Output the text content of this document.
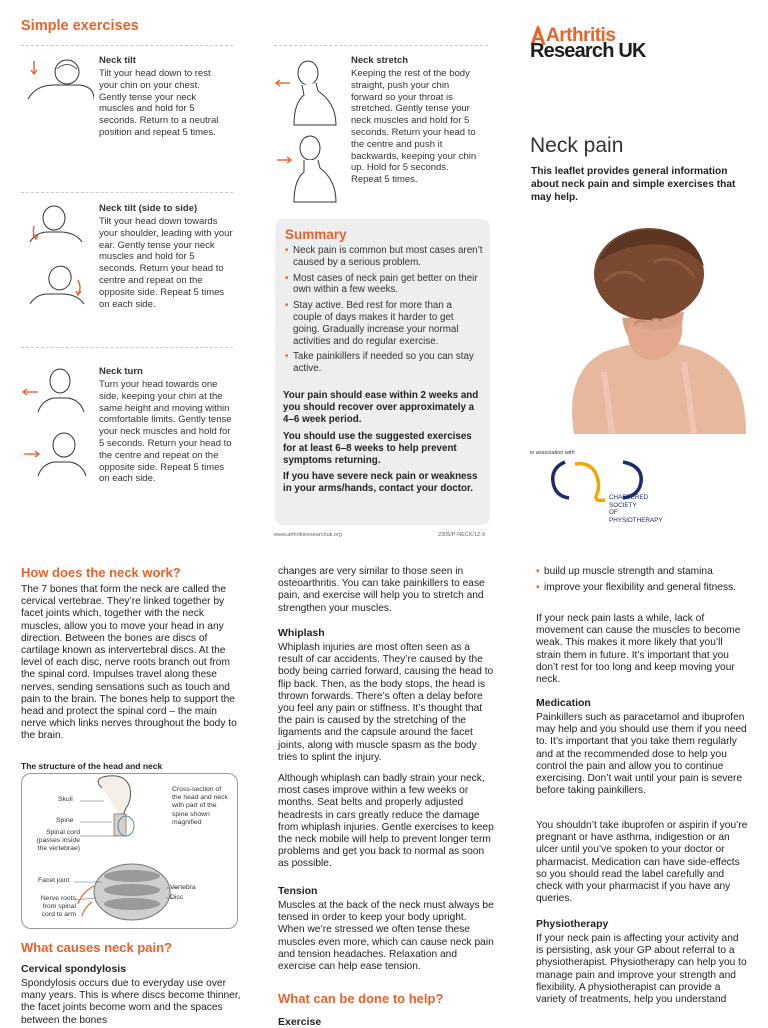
Simple exercises
Neck tilt
Tilt your head down to rest your chin on your chest. Gently tense your neck muscles and hold for 5 seconds. Return to a neutral position and repeat 5 times.
Neck tilt (side to side)
Tilt your head down towards your shoulder, leading with your ear. Gently tense your neck muscles and hold for 5 seconds. Return your head to centre and repeat on the opposite side. Repeat 5 times on each side.
Neck turn
Turn your head towards one side, keeping your chin at the same height and moving within comfortable limits. Gently tense your neck muscles and hold for 5 seconds. Return your head to the centre and repeat on the opposite side. Repeat 5 times on each side.
Neck stretch
Keeping the rest of the body straight, push your chin forward so your throat is stretched. Gently tense your neck muscles and hold for 5 seconds. Return your head to the centre and push it backwards, keeping your chin up. Hold for 5 seconds. Repeat 5 times.
Summary

• Neck pain is common but most cases aren’t caused by a serious problem.

• Most cases of neck pain get better on their own within a few weeks.

• Stay active. Bed rest for more than a couple of days makes it harder to get going. Gradually increase your normal activities and do regular exercise.

• Take painkillers if needed so you can stay active.

Your pain should ease within 2 weeks and you should recover over approximately a 4–6 week period.

You should use the suggested exercises for at least 6–8 weeks to help prevent symptoms returning.

If you have severe neck pain or weakness in your arms/hands, contact your doctor.

www.arthritisresearchuk.org	2305/P-NECK/12-9
Arthritis
Research UK
Neck pain
This leaflet provides general information about neck pain and simple exercises that may help.
in association with
CHARTERED
SOCIETY
OF
PHYSIOTHERAPY
How does the neck work?
The 7 bones that form the neck are called the cervical vertebrae. They’re linked together by facet joints which, together with the neck muscles, allow you to move your head in any direction. Between the bones are discs of cartilage known as intervertebral discs. At the level of each disc, nerve roots branch out from the spinal cord. Impulses travel along these nerves, sending sensations such as touch and pain to the brain. The bones help to support the head and protect the spinal cord – the main nerve which links nerves throughout the body to the brain.
The structure of the head and neck
Skull
Spine
Spinal cord (passes inside the vertebrae)
Facet joint
Nerve roots from spinal cord to arm
Vertebra
Disc
Cross-section of the head and neck with part of the spine shown magnified
What causes neck pain?
Cervical spondylosis
Spondylosis occurs due to everyday use over many years. This is where discs become thinner, the facet joints become worn and the spaces between the bones
changes are very similar to those seen in osteoarthritis. You can take painkillers to ease pain, and exercise will help you to stretch and strengthen your muscles.
Whiplash
Whiplash injuries are most often seen as a result of car accidents. They’re caused by the body being carried forward, causing the head to flip back. Then, as the body stops, the head is thrown forwards. There’s often a delay before you feel any pain or stiffness. It’s thought that the pain is caused by the stretching of the ligaments and the capsule around the facet joints, along with muscle spasm as the body tries to splint the injury.
Although whiplash can badly strain your neck, most cases improve within a few weeks or months. Seat belts and properly adjusted headrests in cars greatly reduce the damage from whiplash injuries. Gentle exercises to keep the neck mobile will help to prevent longer term problems and get you back to normal as soon as possible.
Tension
Muscles at the back of the neck must always be tensed in order to keep your body upright. When we’re stressed we often tense these muscles even more, which can cause neck pain and tension headaches. Relaxation and exercise can help ease tension.
What can be done to help?
Exercise

• build up muscle strength and stamina

• improve your flexibility and general fitness.

If your neck pain lasts a while, lack of movement can cause the muscles to become weak. This makes it more likely that you’ll strain them in future. It’s important that you don’t rest for too long and keep moving your neck.
Medication
Painkillers such as paracetamol and ibuprofen may help and you should use them if you need to. It’s important that you take them regularly and at the recommended dose to help you control the pain and allow you to continue exercising. Don’t wait until your pain is severe before taking painkillers.
You shouldn’t take ibuprofen or aspirin if you’re pregnant or have asthma, indigestion or an ulcer until you’ve spoken to your doctor or pharmacist. Medication can have side-effects so you should read the label carefully and check with your pharmacist if you have any queries.
Physiotherapy
If your neck pain is affecting your activity and is persisting, ask your GP about referral to a physiotherapist. Physiotherapy can help you to manage pain and improve your strength and flexibility. A physiotherapist can provide a variety of treatments, help you understand
